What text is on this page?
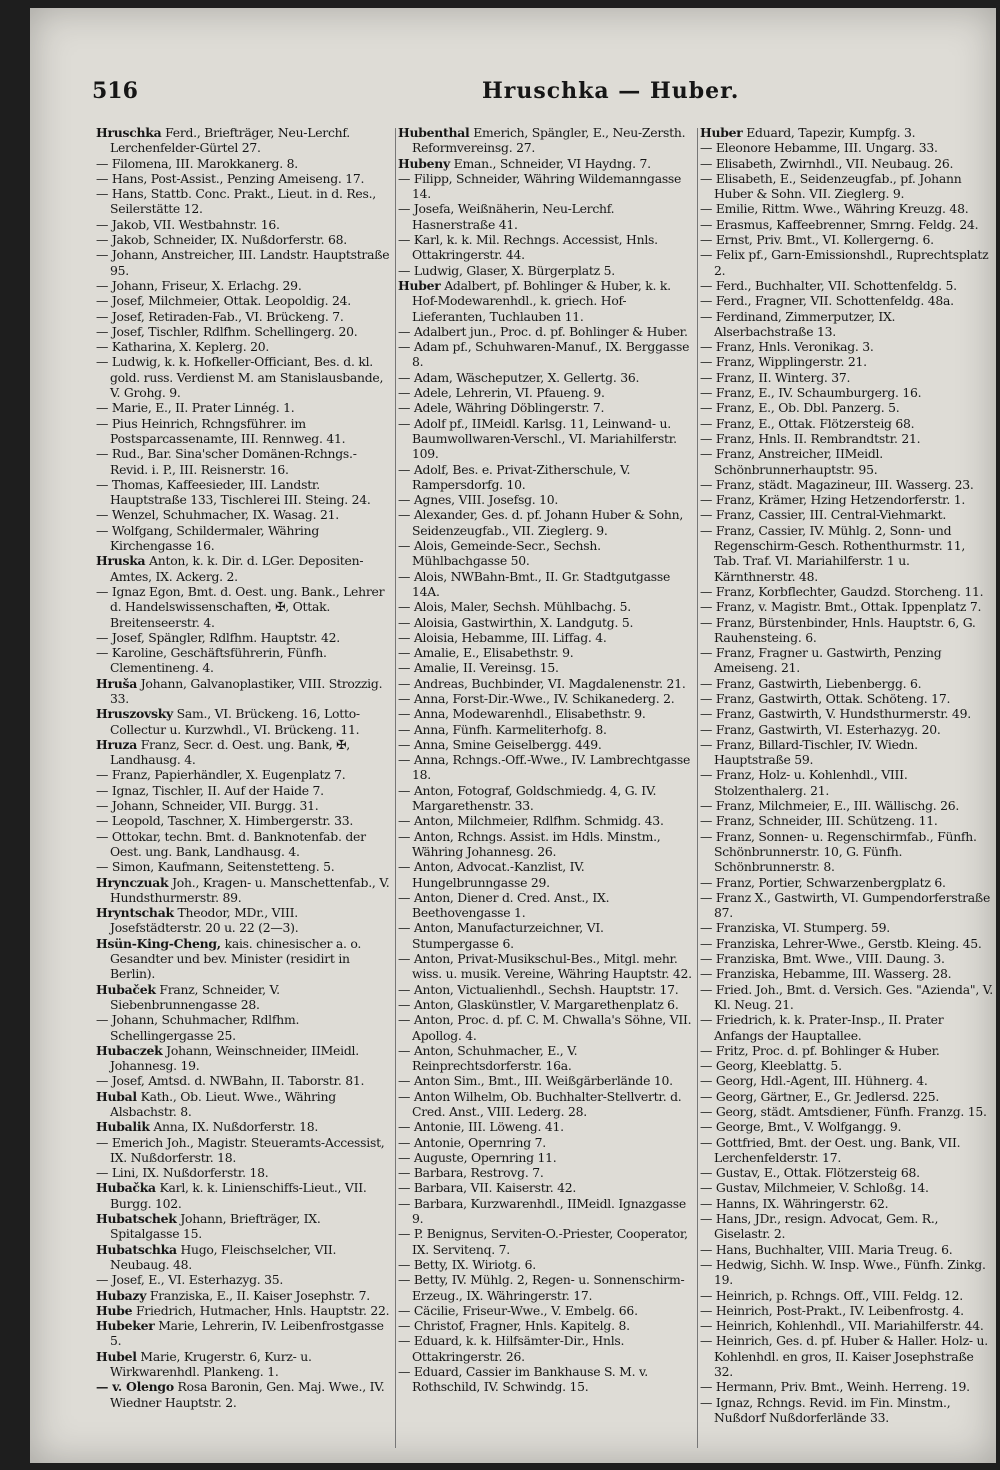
516	Hruschka — Huber.

Hruschka Ferd., Briefträger, Neu-Lerchf. Lerchenfelder-Gürtel 27.

— Filomena, III. Marokkanerg. 8.

— Hans, Post-Assist., Penzing Ameiseng. 17.

— Hans, Stattb. Conc. Prakt., Lieut. in d. Res., Seilerstätte 12.

— Jakob, VII. Westbahnstr. 16.

— Jakob, Schneider, IX. Nußdorferstr. 68.

— Johann, Anstreicher, III. Landstr. Hauptstraße 95.

— Johann, Friseur, X. Erlachg. 29.

— Josef, Milchmeier, Ottak. Leopoldig. 24.

— Josef, Retiraden-Fab., VI. Brückeng. 7.

— Josef, Tischler, Rdlfhm. Schellingerg. 20.

— Katharina, X. Keplerg. 20.

— Ludwig, k. k. Hofkeller-Officiant, Bes. d. kl. gold. russ. Verdienst M. am Stanislausbande, V. Grohg. 9.

— Marie, E., II. Prater Linnég. 1.

— Pius Heinrich, Rchngsführer. im Postsparcassenamte, III. Rennweg. 41.

— Rud., Bar. Sina'scher Domänen-Rchngs.-Revid. i. P., III. Reisnerstr. 16.

— Thomas, Kaffeesieder, III. Landstr. Hauptstraße 133, Tischlerei III. Steing. 24.

— Wenzel, Schuhmacher, IX. Wasag. 21.

— Wolfgang, Schildermaler, Währing Kirchengasse 16.

Hruska Anton, k. k. Dir. d. LGer. Depositen-Amtes, IX. Ackerg. 2.

— Ignaz Egon, Bmt. d. Oest. ung. Bank., Lehrer d. Handelswissenschaften, ✠, Ottak. Breitenseerstr. 4.

— Josef, Spängler, Rdlfhm. Hauptstr. 42.

— Karoline, Geschäftsführerin, Fünfh. Clementineng. 4.

Hruša Johann, Galvanoplastiker, VIII. Strozzig. 33.

Hruszovsky Sam., VI. Brückeng. 16, Lotto-Collectur u. Kurzwhdl., VI. Brückeng. 11.

Hruza Franz, Secr. d. Oest. ung. Bank, ✠, Landhausg. 4.

— Franz, Papierhändler, X. Eugenplatz 7.

— Ignaz, Tischler, II. Auf der Haide 7.

— Johann, Schneider, VII. Burgg. 31.

— Leopold, Taschner, X. Himbergerstr. 33.

— Ottokar, techn. Bmt. d. Banknotenfab. der Oest. ung. Bank, Landhausg. 4.

— Simon, Kaufmann, Seitenstetteng. 5.

Hrynczuak Joh., Kragen- u. Manschettenfab., V. Hundsthurmerstr. 89.

Hryntschak Theodor, MDr., VIII. Josefstädterstr. 20 u. 22 (2—3).

Hsün-King-Cheng, kais. chinesischer a. o. Gesandter und bev. Minister (residirt in Berlin).

Hubaček Franz, Schneider, V. Siebenbrunnengasse 28.

— Johann, Schuhmacher, Rdlfhm. Schellingergasse 25.

Hubaczek Johann, Weinschneider, IIMeidl. Johannesg. 19.

— Josef, Amtsd. d. NWBahn, II. Taborstr. 81.

Hubal Kath., Ob. Lieut. Wwe., Währing Alsbachstr. 8.

Hubalik Anna, IX. Nußdorferstr. 18.

— Emerich Joh., Magistr. Steueramts-Accessist, IX. Nußdorferstr. 18.

— Lini, IX. Nußdorferstr. 18.

Hubačka Karl, k. k. Linienschiffs-Lieut., VII. Burgg. 102.

Hubatschek Johann, Briefträger, IX. Spitalgasse 15.

Hubatschka Hugo, Fleischselcher, VII. Neubaug. 48.

— Josef, E., VI. Esterhazyg. 35.

Hubazy Franziska, E., II. Kaiser Josephstr. 7.

Hube Friedrich, Hutmacher, Hnls. Hauptstr. 22.

Hubeker Marie, Lehrerin, IV. Leibenfrostgasse 5.

Hubel Marie, Krugerstr. 6, Kurz- u. Wirkwarenhdl. Plankeng. 1.

— v. Olengo Rosa Baronin, Gen. Maj. Wwe., IV. Wiedner Hauptstr. 2.

Hubenthal Emerich, Spängler, E., Neu-Zersth. Reformvereinsg. 27.

Hubeny Eman., Schneider, VI Haydng. 7.

— Filipp, Schneider, Währing Wildemanngasse 14.

— Josefa, Weißnäherin, Neu-Lerchf. Hasnerstraße 41.

— Karl, k. k. Mil. Rechngs. Accessist, Hnls. Ottakringerstr. 44.

— Ludwig, Glaser, X. Bürgerplatz 5.

Huber Adalbert, pf. Bohlinger & Huber, k. k. Hof-Modewarenhdl., k. griech. Hof-Lieferanten, Tuchlauben 11.

— Adalbert jun., Proc. d. pf. Bohlinger & Huber.

— Adam pf., Schuhwaren-Manuf., IX. Berggasse 8.

— Adam, Wäscheputzer, X. Gellertg. 36.

— Adele, Lehrerin, VI. Pfaueng. 9.

— Adele, Währing Döblingerstr. 7.

— Adolf pf., IIMeidl. Karlsg. 11, Leinwand- u. Baumwollwaren-Verschl., VI. Mariahilferstr. 109.

— Adolf, Bes. e. Privat-Zitherschule, V. Rampersdorfg. 10.

— Agnes, VIII. Josefsg. 10.

— Alexander, Ges. d. pf. Johann Huber & Sohn, Seidenzeugfab., VII. Zieglerg. 9.

— Alois, Gemeinde-Secr., Sechsh. Mühlbachgasse 50.

— Alois, NWBahn-Bmt., II. Gr. Stadtgutgasse 14A.

— Alois, Maler, Sechsh. Mühlbachg. 5.

— Aloisia, Gastwirthin, X. Landgutg. 5.

— Aloisia, Hebamme, III. Liffag. 4.

— Amalie, E., Elisabethstr. 9.

— Amalie, II. Vereinsg. 15.

— Andreas, Buchbinder, VI. Magdalenenstr. 21.

— Anna, Forst-Dir.-Wwe., IV. Schikanederg. 2.

— Anna, Modewarenhdl., Elisabethstr. 9.

— Anna, Fünfh. Karmeliterhofg. 8.

— Anna, Smine Geiselbergg. 449.

— Anna, Rchngs.-Off.-Wwe., IV. Lambrechtgasse 18.

— Anton, Fotograf, Goldschmiedg. 4, G. IV. Margarethenstr. 33.

— Anton, Milchmeier, Rdlfhm. Schmidg. 43.

— Anton, Rchngs. Assist. im Hdls. Minstm., Währing Johannesg. 26.

— Anton, Advocat.-Kanzlist, IV. Hungelbrunngasse 29.

— Anton, Diener d. Cred. Anst., IX. Beethovengasse 1.

— Anton, Manufacturzeichner, VI. Stumpergasse 6.

— Anton, Privat-Musikschul-Bes., Mitgl. mehr. wiss. u. musik. Vereine, Währing Hauptstr. 42.

— Anton, Victualienhdl., Sechsh. Hauptstr. 17.

— Anton, Glaskünstler, V. Margarethenplatz 6.

— Anton, Proc. d. pf. C. M. Chwalla's Söhne, VII. Apollog. 4.

— Anton, Schuhmacher, E., V. Reinprechtsdorferstr. 16a.

— Anton Sim., Bmt., III. Weißgärberlände 10.

— Anton Wilhelm, Ob. Buchhalter-Stellvertr. d. Cred. Anst., VIII. Lederg. 28.

— Antonie, III. Löweng. 41.

— Antonie, Opernring 7.

— Auguste, Opernring 11.

— Barbara, Restrovg. 7.

— Barbara, VII. Kaiserstr. 42.

— Barbara, Kurzwarenhdl., IIMeidl. Ignazgasse 9.

— P. Benignus, Serviten-O.-Priester, Cooperator, IX. Servitenq. 7.

— Betty, IX. Wiriotg. 6.

— Betty, IV. Mühlg. 2, Regen- u. Sonnenschirm-Erzeug., IX. Währingerstr. 17.

— Cäcilie, Friseur-Wwe., V. Embelg. 66.

— Christof, Fragner, Hnls. Kapitelg. 8.

— Eduard, k. k. Hilfsämter-Dir., Hnls. Ottakringerstr. 26.

— Eduard, Cassier im Bankhause S. M. v. Rothschild, IV. Schwindg. 15.

Huber Eduard, Tapezir, Kumpfg. 3.

— Eleonore Hebamme, III. Ungarg. 33.

— Elisabeth, Zwirnhdl., VII. Neubaug. 26.

— Elisabeth, E., Seidenzeugfab., pf. Johann Huber & Sohn. VII. Zieglerg. 9.

— Emilie, Rittm. Wwe., Währing Kreuzg. 48.

— Erasmus, Kaffeebrenner, Smrng. Feldg. 24.

— Ernst, Priv. Bmt., VI. Kollergerng. 6.

— Felix pf., Garn-Emissionshdl., Ruprechtsplatz 2.

— Ferd., Buchhalter, VII. Schottenfeldg. 5.

— Ferd., Fragner, VII. Schottenfeldg. 48a.

— Ferdinand, Zimmerputzer, IX. Alserbachstraße 13.

— Franz, Hnls. Veronikag. 3.

— Franz, Wipplingerstr. 21.

— Franz, II. Winterg. 37.

— Franz, E., IV. Schaumburgerg. 16.

— Franz, E., Ob. Dbl. Panzerg. 5.

— Franz, E., Ottak. Flötzersteig 68.

— Franz, Hnls. II. Rembrandtstr. 21.

— Franz, Anstreicher, IIMeidl. Schönbrunnerhauptstr. 95.

— Franz, städt. Magazineur, III. Wasserg. 23.

— Franz, Krämer, Hzing Hetzendorferstr. 1.

— Franz, Cassier, III. Central-Viehmarkt.

— Franz, Cassier, IV. Mühlg. 2, Sonn- und Regenschirm-Gesch. Rothenthurmstr. 11, Tab. Traf. VI. Mariahilferstr. 1 u. Kärnthnerstr. 48.

— Franz, Korbflechter, Gaudzd. Storcheng. 11.

— Franz, v. Magistr. Bmt., Ottak. Ippenplatz 7.

— Franz, Bürstenbinder, Hnls. Hauptstr. 6, G. Rauhensteing. 6.

— Franz, Fragner u. Gastwirth, Penzing Ameiseng. 21.

— Franz, Gastwirth, Liebenbergg. 6.

— Franz, Gastwirth, Ottak. Schöteng. 17.

— Franz, Gastwirth, V. Hundsthurmerstr. 49.

— Franz, Gastwirth, VI. Esterhazyg. 20.

— Franz, Billard-Tischler, IV. Wiedn. Hauptstraße 59.

— Franz, Holz- u. Kohlenhdl., VIII. Stolzenthalerg. 21.

— Franz, Milchmeier, E., III. Wällischg. 26.

— Franz, Schneider, III. Schützeng. 11.

— Franz, Sonnen- u. Regenschirmfab., Fünfh. Schönbrunnerstr. 10, G. Fünfh. Schönbrunnerstr. 8.

— Franz, Portier, Schwarzenbergplatz 6.

— Franz X., Gastwirth, VI. Gumpendorferstraße 87.

— Franziska, VI. Stumperg. 59.

— Franziska, Lehrer-Wwe., Gerstb. Kleing. 45.

— Franziska, Bmt. Wwe., VIII. Daung. 3.

— Franziska, Hebamme, III. Wasserg. 28.

— Fried. Joh., Bmt. d. Versich. Ges. "Azienda", V. Kl. Neug. 21.

— Friedrich, k. k. Prater-Insp., II. Prater Anfangs der Hauptallee.

— Fritz, Proc. d. pf. Bohlinger & Huber.

— Georg, Kleeblattg. 5.

— Georg, Hdl.-Agent, III. Hühnerg. 4.

— Georg, Gärtner, E., Gr. Jedlersd. 225.

— Georg, städt. Amtsdiener, Fünfh. Franzg. 15.

— George, Bmt., V. Wolfgangg. 9.

— Gottfried, Bmt. der Oest. ung. Bank, VII. Lerchenfelderstr. 17.

— Gustav, E., Ottak. Flötzersteig 68.

— Gustav, Milchmeier, V. Schloßg. 14.

— Hanns, IX. Währingerstr. 62.

— Hans, JDr., resign. Advocat, Gem. R., Giselastr. 2.

— Hans, Buchhalter, VIII. Maria Treug. 6.

— Hedwig, Sichh. W. Insp. Wwe., Fünfh. Zinkg. 19.

— Heinrich, p. Rchngs. Off., VIII. Feldg. 12.

— Heinrich, Post-Prakt., IV. Leibenfrostg. 4.

— Heinrich, Kohlenhdl., VII. Mariahilferstr. 44.

— Heinrich, Ges. d. pf. Huber & Haller. Holz- u. Kohlenhdl. en gros, II. Kaiser Josephstraße 32.

— Hermann, Priv. Bmt., Weinh. Herreng. 19.

— Ignaz, Rchngs. Revid. im Fin. Minstm., Nußdorf Nußdorferlände 33.
